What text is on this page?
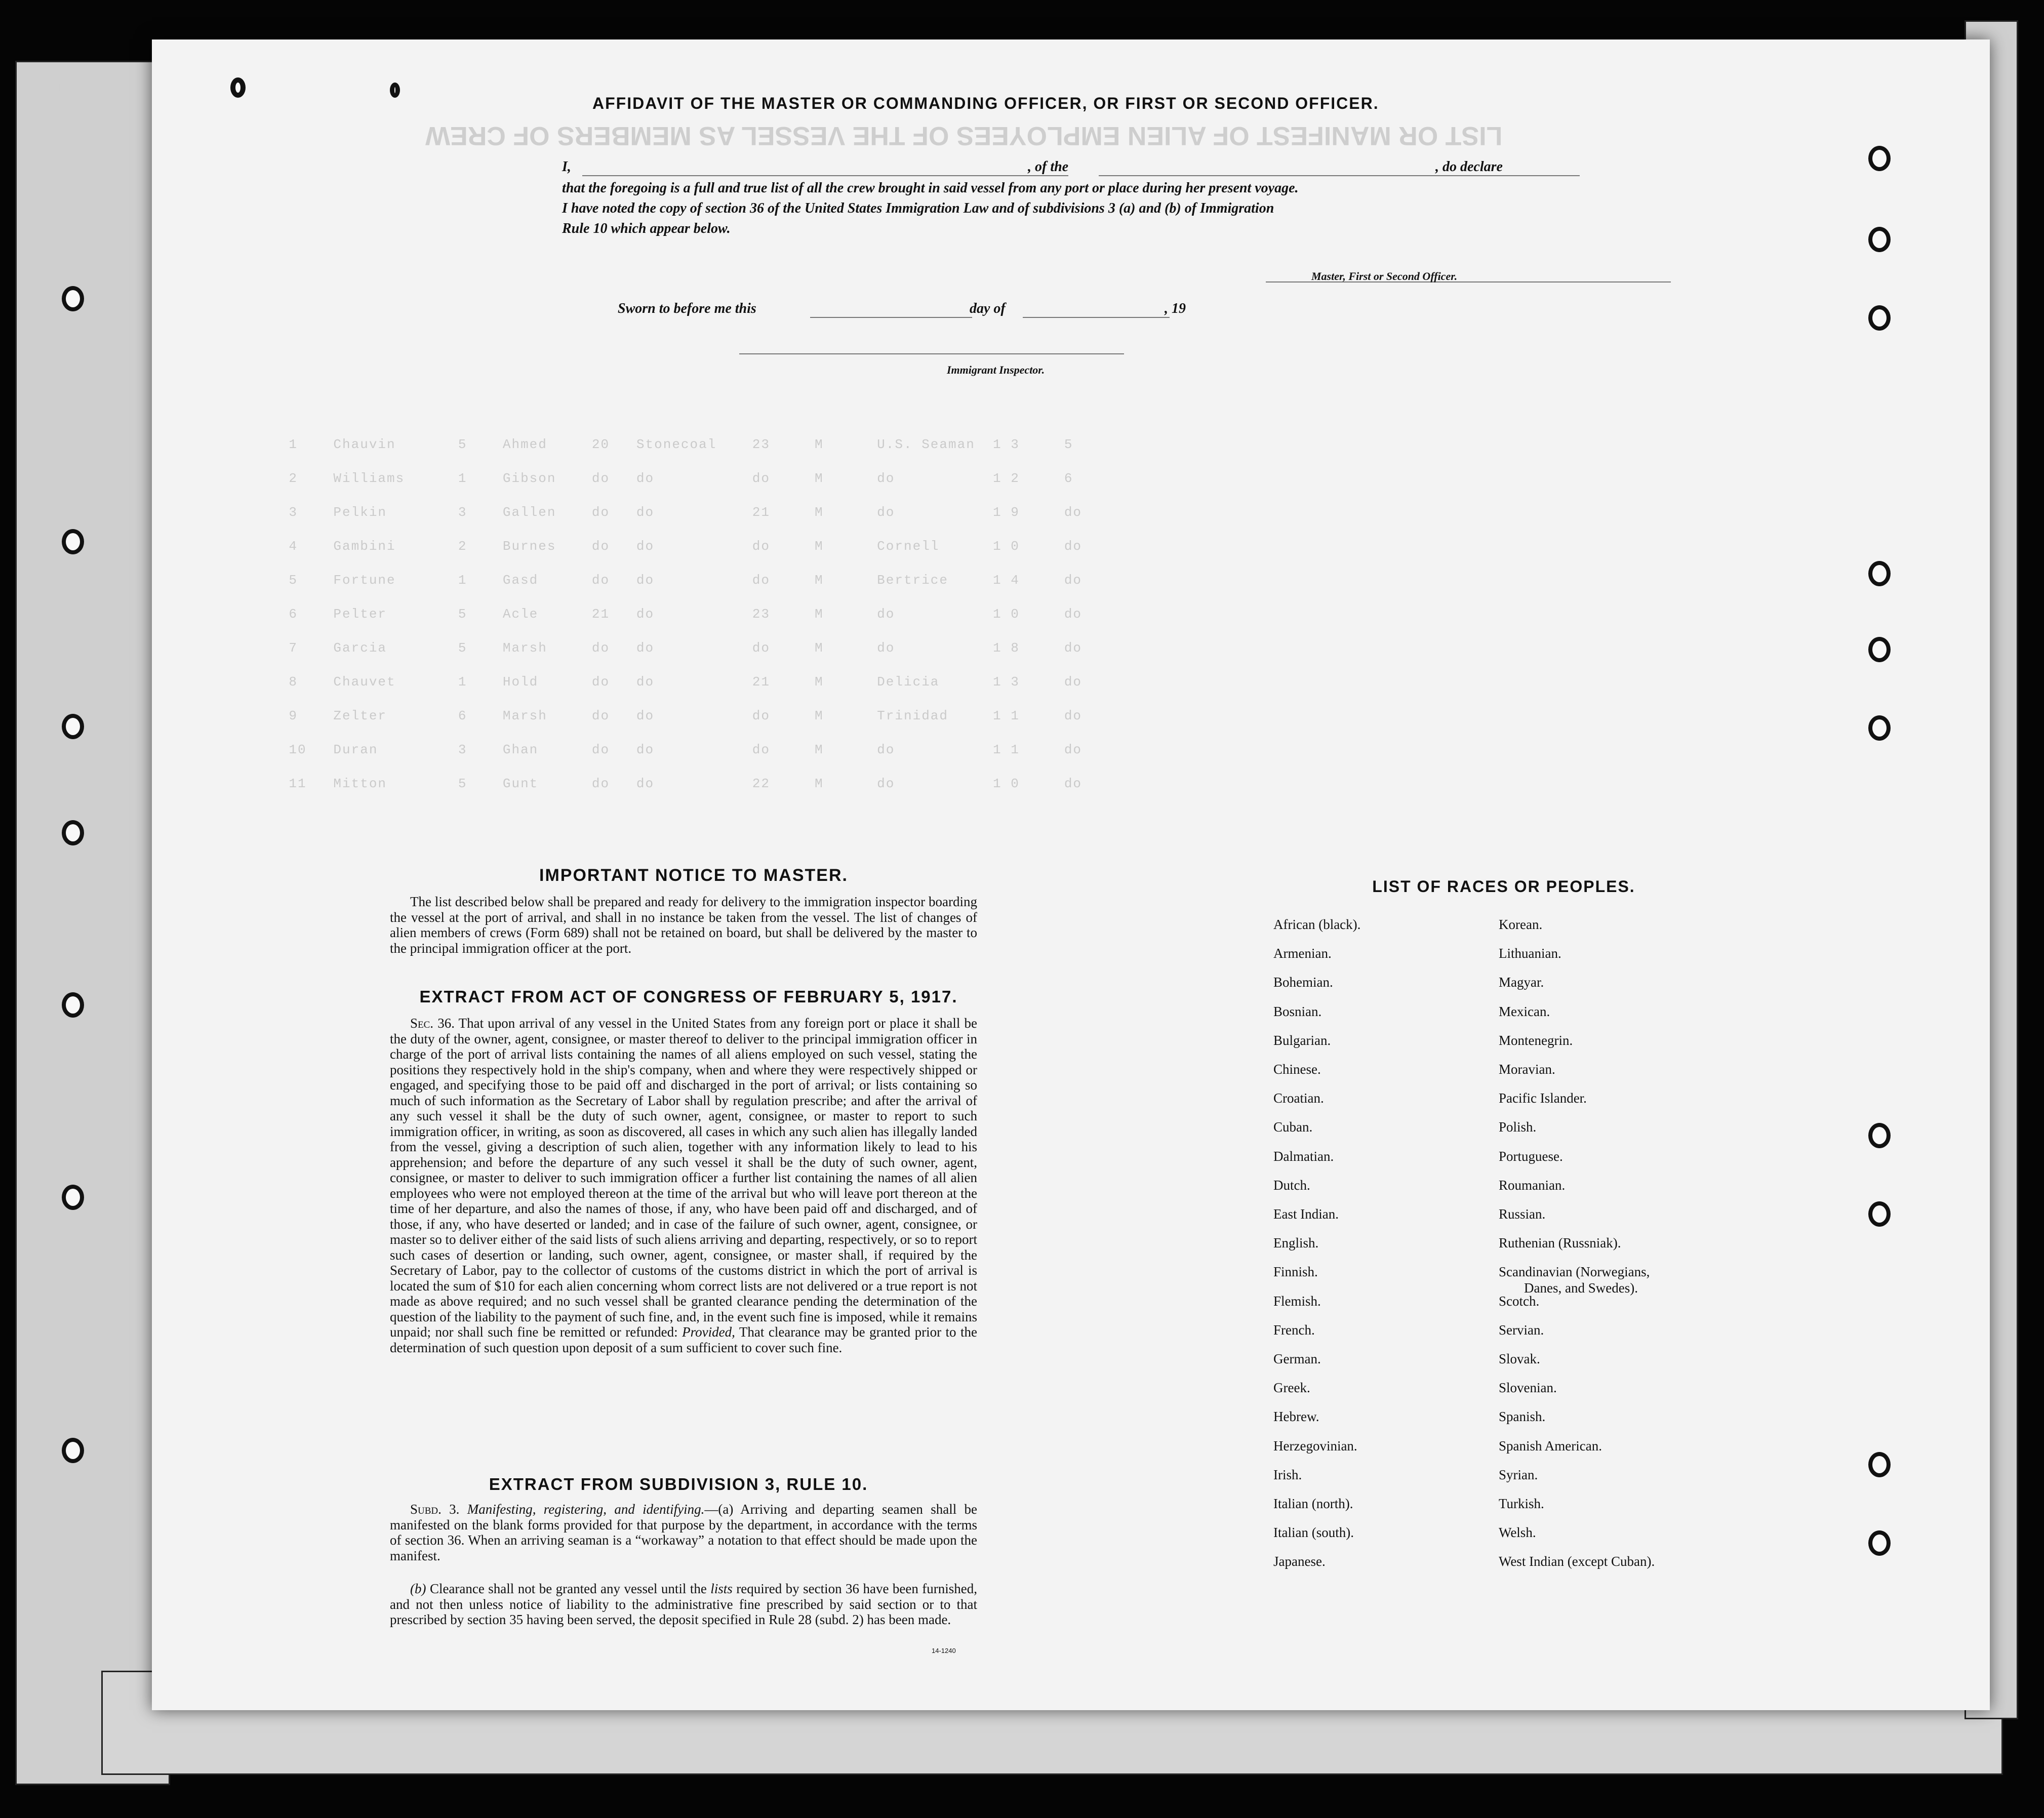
BILL NO.
LIST OR MANIFEST OF ALIEN EMPLOYEES OF THE VESSEL AS MEMBERS OF CREW

1    Chauvin       5    Ahmed     20   Stonecoal    23     M      U.S. Seaman  1 3     5
2    Williams      1    Gibson    do   do           do     M      do           1 2     6
3    Pelkin        3    Gallen    do   do           21     M      do           1 9     do
4    Gambini       2    Burnes    do   do           do     M      Cornell      1 0     do
5    Fortune       1    Gasd      do   do           do     M      Bertrice     1 4     do
6    Pelter        5    Acle      21   do           23     M      do           1 0     do
7    Garcia        5    Marsh     do   do           do     M      do           1 8     do
8    Chauvet       1    Hold      do   do           21     M      Delicia      1 3     do
9    Zelter        6    Marsh     do   do           do     M      Trinidad     1 1     do
10   Duran         3    Ghan      do   do           do     M      do           1 1     do
11   Mitton        5    Gunt      do   do           22     M      do           1 0     do

AFFIDAVIT OF THE MASTER OR COMMANDING OFFICER, OR FIRST OR SECOND OFFICER.
I,	, of the	, do declare
that the foregoing is a full and true list of all the crew brought in said vessel from any port or place during her present voyage.
I have noted the copy of section 36 of the United States Immigration Law and of subdivisions 3 (a) and (b) of Immigration
Rule 10 which appear below.
Master, First or Second Officer.
Sworn to before me this	day of	, 19
Immigrant Inspector.
IMPORTANT NOTICE TO MASTER.

The list described below shall be prepared and ready for delivery to the immigration inspector boarding the vessel at the port of arrival, and shall in no instance be taken from the vessel. The list of changes of alien members of crews (Form 689) shall not be retained on board, but shall be delivered by the master to the principal immigration officer at the port.

EXTRACT FROM ACT OF CONGRESS OF FEBRUARY 5, 1917.

Sec. 36. That upon arrival of any vessel in the United States from any foreign port or place it shall be the duty of the owner, agent, consignee, or master thereof to deliver to the principal immigration officer in charge of the port of arrival lists containing the names of all aliens employed on such vessel, stating the positions they respectively hold in the ship's company, when and where they were respectively shipped or engaged, and specifying those to be paid off and discharged in the port of arrival; or lists containing so much of such information as the Secretary of Labor shall by regulation prescribe; and after the arrival of any such vessel it shall be the duty of such owner, agent, consignee, or master to report to such immigration officer, in writing, as soon as discovered, all cases in which any such alien has illegally landed from the vessel, giving a description of such alien, together with any information likely to lead to his apprehension; and before the departure of any such vessel it shall be the duty of such owner, agent, consignee, or master to deliver to such immigration officer a further list containing the names of all alien employees who were not employed thereon at the time of the arrival but who will leave port thereon at the time of her departure, and also the names of those, if any, who have been paid off and discharged, and of those, if any, who have deserted or landed; and in case of the failure of such owner, agent, consignee, or master so to deliver either of the said lists of such aliens arriving and departing, respectively, or so to report such cases of desertion or landing, such owner, agent, consignee, or master shall, if required by the Secretary of Labor, pay to the collector of customs of the customs district in which the port of arrival is located the sum of $10 for each alien concerning whom correct lists are not delivered or a true report is not made as above required; and no such vessel shall be granted clearance pending the determination of the question of the liability to the payment of such fine, and, in the event such fine is imposed, while it remains unpaid; nor shall such fine be remitted or refunded: Provided, That clearance may be granted prior to the determination of such question upon deposit of a sum sufficient to cover such fine.

EXTRACT FROM SUBDIVISION 3, RULE 10.

Subd. 3. Manifesting, registering, and identifying.—(a) Arriving and departing seamen shall be manifested on the blank forms provided for that purpose by the department, in accordance with the terms of section 36. When an arriving seaman is a “workaway” a notation to that effect should be made upon the manifest.

(b) Clearance shall not be granted any vessel until the lists required by section 36 have been furnished, and not then unless notice of liability to the administrative fine prescribed by said section or to that prescribed by section 35 having been served, the deposit specified in Rule 28 (subd. 2) has been made.

14-1240
LIST OF RACES OR PEOPLES.
African (black).
Armenian.
Bohemian.
Bosnian.
Bulgarian.
Chinese.
Croatian.
Cuban.
Dalmatian.
Dutch.
East Indian.
English.
Finnish.
Flemish.
French.
German.
Greek.
Hebrew.
Herzegovinian.
Irish.
Italian (north).
Italian (south).
Japanese.
Korean.
Lithuanian.
Magyar.
Mexican.
Montenegrin.
Moravian.
Pacific Islander.
Polish.
Portuguese.
Roumanian.
Russian.
Ruthenian (Russniak).
Scandinavian (Norwegians,
Scotch.
Servian.
Slovak.
Slovenian.
Spanish.
Spanish American.
Syrian.
Turkish.
Welsh.
West Indian (except Cuban).
Danes, and Swedes).
